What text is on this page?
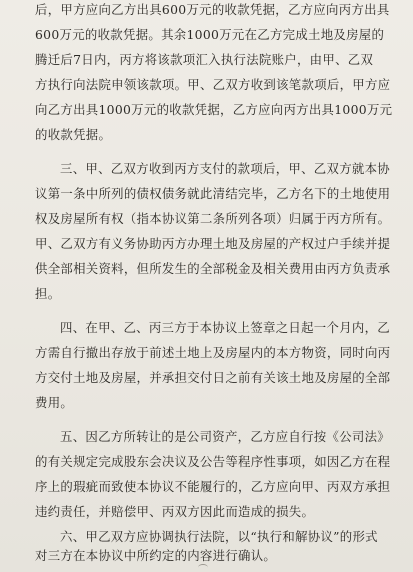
后，甲方应向乙方出具600万元的收款凭据，乙方应向丙方出具
600万元的收款凭据。其余1000万元在乙方完成土地及房屋的
腾迁后7日内，丙方将该款项汇入执行法院账户，由甲、乙双
方执行向法院申领该款项。甲、乙双方收到该笔款项后，甲方应
向乙方出具1000万元的收款凭据，乙方应向丙方出具1000万元
的收款凭据。
三、甲、乙双方收到丙方支付的款项后，甲、乙双方就本协
议第一条中所列的债权债务就此清结完毕，乙方名下的土地使用
权及房屋所有权（指本协议第二条所列各项）归属于丙方所有。
甲、乙双方有义务协助丙方办理土地及房屋的产权过户手续并提
供全部相关资料，但所发生的全部税金及相关费用由丙方负责承
担。
四、在甲、乙、丙三方于本协议上签章之日起一个月内，乙
方需自行撤出存放于前述土地上及房屋内的本方物资，同时向丙
方交付土地及房屋，并承担交付日之前有关该土地及房屋的全部
费用。
五、因乙方所转让的是公司资产，乙方应自行按《公司法》
的有关规定完成股东会决议及公告等程序性事项，如因乙方在程
序上的瑕疵而致使本协议不能履行的，乙方应向甲、丙双方承担
违约责任，并赔偿甲、丙双方因此而造成的损失。
六、甲乙双方应协调执行法院，以“执行和解协议”的形式
对三方在本协议中所约定的内容进行确认。
